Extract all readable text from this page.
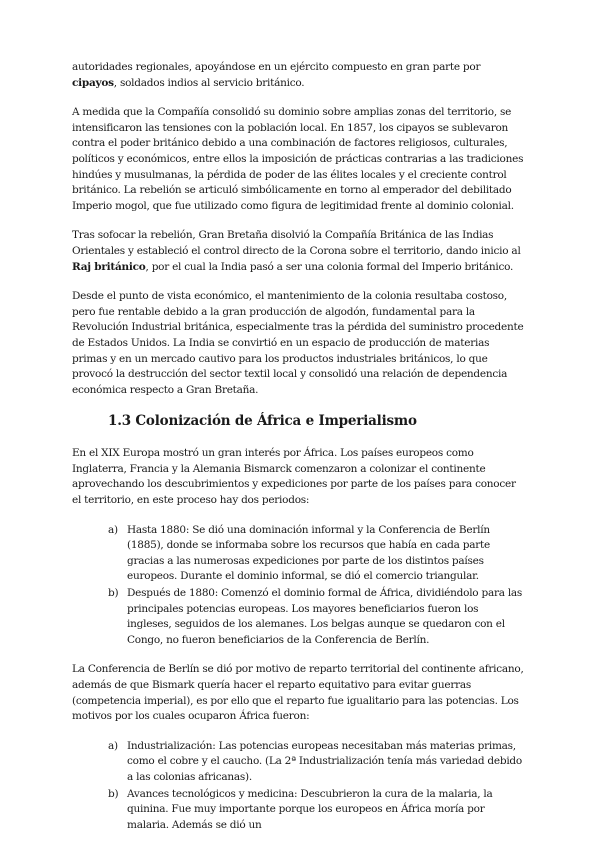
autoridades regionales, apoyándose en un ejército compuesto en gran parte por cipayos, soldados indios al servicio británico.

A medida que la Compañía consolidó su dominio sobre amplias zonas del territorio, se intensificaron las tensiones con la población local. En 1857, los cipayos se sublevaron contra el poder británico debido a una combinación de factores religiosos, culturales, políticos y económicos, entre ellos la imposición de prácticas contrarias a las tradiciones hindúes y musulmanas, la pérdida de poder de las élites locales y el creciente control británico. La rebelión se articuló simbólicamente en torno al emperador del debilitado Imperio mogol, que fue utilizado como figura de legitimidad frente al dominio colonial.

Tras sofocar la rebelión, Gran Bretaña disolvió la Compañía Británica de las Indias Orientales y estableció el control directo de la Corona sobre el territorio, dando inicio al Raj británico, por el cual la India pasó a ser una colonia formal del Imperio británico.

Desde el punto de vista económico, el mantenimiento de la colonia resultaba costoso, pero fue rentable debido a la gran producción de algodón, fundamental para la Revolución Industrial británica, especialmente tras la pérdida del suministro procedente de Estados Unidos. La India se convirtió en un espacio de producción de materias primas y en un mercado cautivo para los productos industriales británicos, lo que provocó la destrucción del sector textil local y consolidó una relación de dependencia económica respecto a Gran Bretaña.

1.3 Colonización de África e Imperialismo

En el XIX Europa mostró un gran interés por África. Los países europeos como Inglaterra, Francia y la Alemania Bismarck comenzaron a colonizar el continente aprovechando los descubrimientos y expediciones por parte de los países para conocer el territorio, en este proceso hay dos periodos:

a) Hasta 1880: Se dió una dominación informal y la Conferencia de Berlín (1885), donde se informaba sobre los recursos que había en cada parte gracias a las numerosas expediciones por parte de los distintos países europeos. Durante el dominio informal, se dió el comercio triangular.
b) Después de 1880: Comenzó el dominio formal de África, dividiéndolo para las principales potencias europeas. Los mayores beneficiarios fueron los ingleses, seguidos de los alemanes. Los belgas aunque se quedaron con el Congo, no fueron beneficiarios de la Conferencia de Berlín.

La Conferencia de Berlín se dió por motivo de reparto territorial del continente africano, además de que Bismark quería hacer el reparto equitativo para evitar guerras (competencia imperial), es por ello que el reparto fue igualitario para las potencias. Los motivos por los cuales ocuparon África fueron:

a) Industrialización: Las potencias europeas necesitaban más materias primas, como el cobre y el caucho. (La 2ª Industrialización tenía más variedad debido a las colonias africanas).
b) Avances tecnológicos y medicina: Descubrieron la cura de la malaria, la quinina. Fue muy importante porque los europeos en África moría por malaria. Además se dió un
